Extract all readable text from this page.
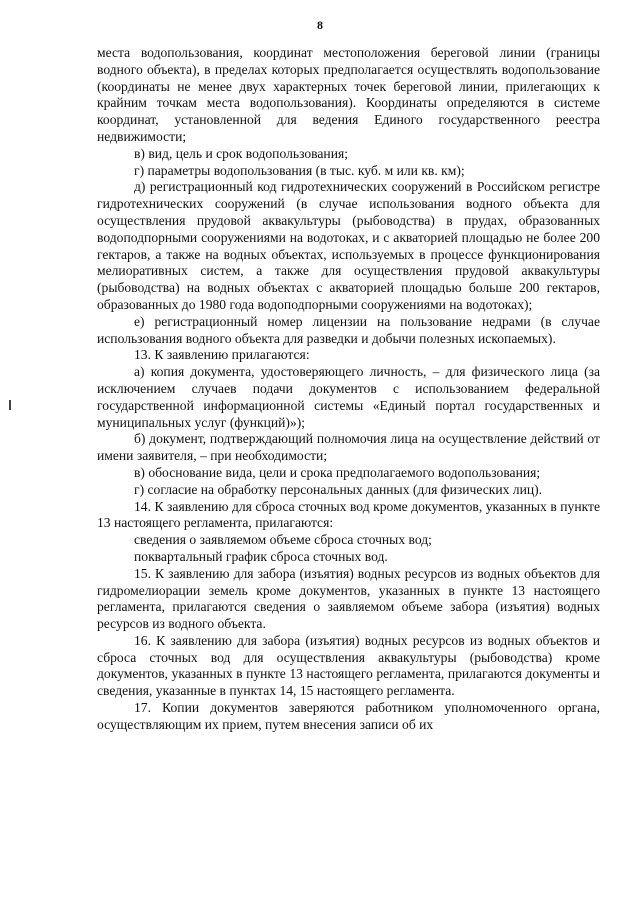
8

места водопользования, координат местоположения береговой линии (границы водного объекта), в пределах которых предполагается осуществлять водопользование (координаты не менее двух характерных точек береговой линии, прилегающих к крайним точкам места водопользования). Координаты определяются в системе координат, установленной для ведения Единого государственного реестра недвижимости;

в) вид, цель и срок водопользования;

г) параметры водопользования (в тыс. куб. м или кв. км);

д) регистрационный код гидротехнических сооружений в Российском регистре гидротехнических сооружений (в случае использования водного объекта для осуществления прудовой аквакультуры (рыбоводства) в прудах, образованных водоподпорными сооружениями на водотоках, и с акваторией площадью не более 200 гектаров, а также на водных объектах, используемых в процессе функционирования мелиоративных систем, а также для осуществления прудовой аквакультуры (рыбоводства) на водных объектах с акваторией площадью больше 200 гектаров, образованных до 1980 года водоподпорными сооружениями на водотоках);

е) регистрационный номер лицензии на пользование недрами (в случае использования водного объекта для разведки и добычи полезных ископаемых).

13. К заявлению прилагаются:

а) копия документа, удостоверяющего личность, – для физического лица (за исключением случаев подачи документов с использованием федеральной государственной информационной системы «Единый портал государственных и муниципальных услуг (функций)»);

б) документ, подтверждающий полномочия лица на осуществление действий от имени заявителя, – при необходимости;

в) обоснование вида, цели и срока предполагаемого водопользования;

г) согласие на обработку персональных данных (для физических лиц).

14. К заявлению для сброса сточных вод кроме документов, указанных в пункте 13 настоящего регламента, прилагаются:

сведения о заявляемом объеме сброса сточных вод;

поквартальный график сброса сточных вод.

15. К заявлению для забора (изъятия) водных ресурсов из водных объектов для гидромелиорации земель кроме документов, указанных в пункте 13 настоящего регламента, прилагаются сведения о заявляемом объеме забора (изъятия) водных ресурсов из водного объекта.

16. К заявлению для забора (изъятия) водных ресурсов из водных объектов и сброса сточных вод для осуществления аквакультуры (рыбоводства) кроме документов, указанных в пункте 13 настоящего регламента, прилагаются документы и сведения, указанные в пунктах 14, 15 настоящего регламента.

17. Копии документов заверяются работником уполномоченного органа, осуществляющим их прием, путем внесения записи об их
